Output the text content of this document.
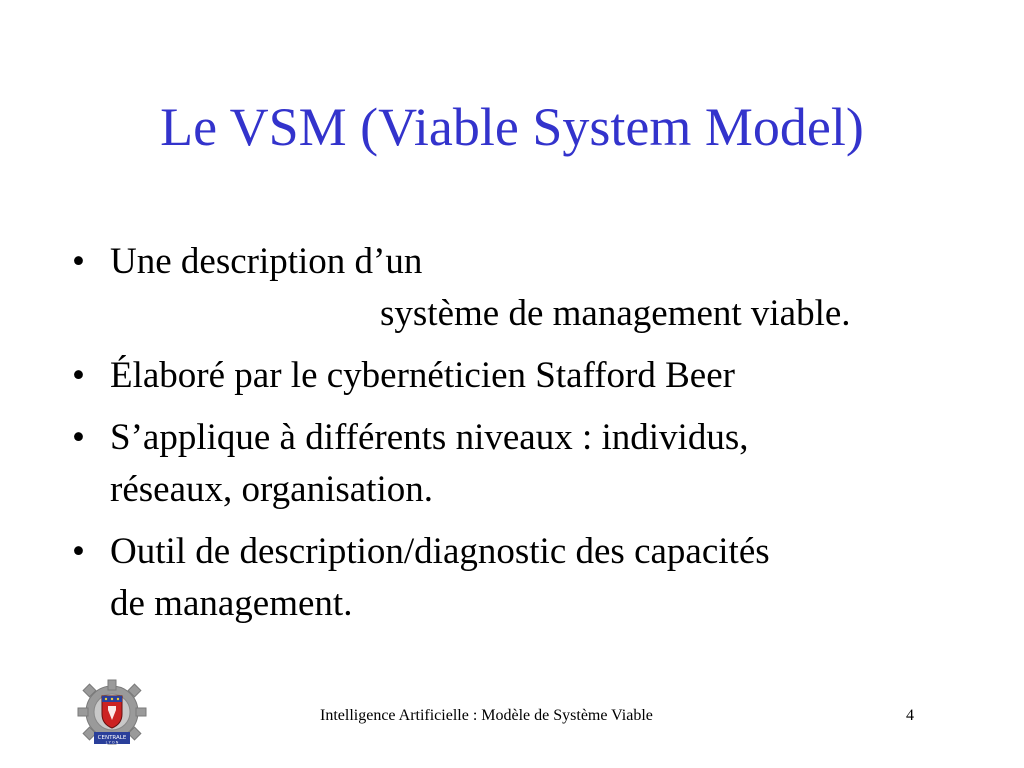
Le VSM (Viable System Model)
• Une description d’un
système de management viable.
• Élaboré par le cybernéticien Stafford Beer
• S’applique à différents niveaux : individus,
réseaux, organisation.
• Outil de description/diagnostic des capacités
de management.
CENTRALE
L Y O N
Intelligence Artificielle : Modèle de Système Viable	4
